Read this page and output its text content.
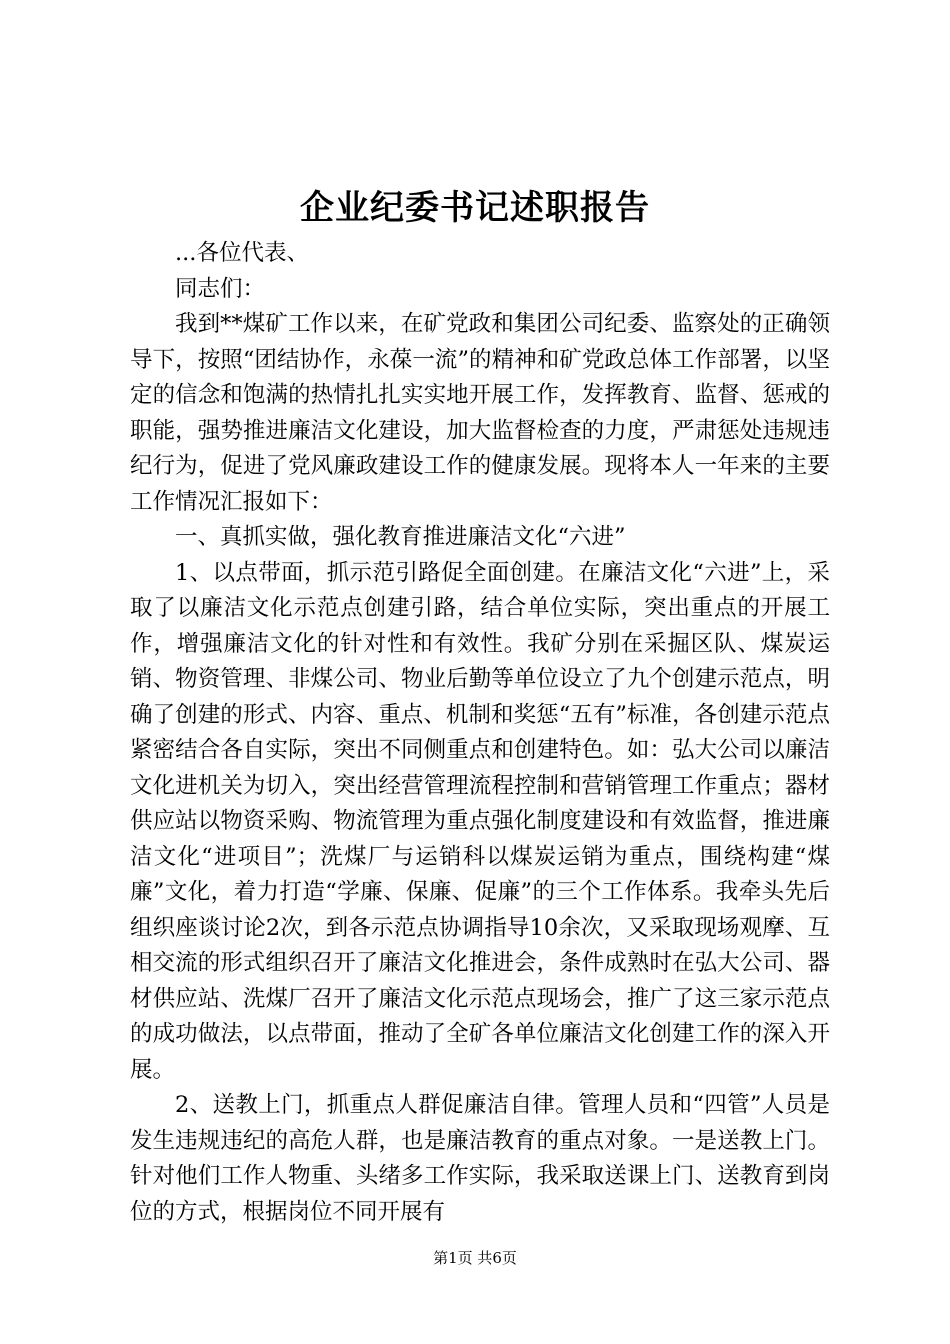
企业纪委书记述职报告

...各位代表、

同志们：

我到**煤矿工作以来，在矿党政和集团公司纪委、监察处的正确领导下，按照“团结协作，永葆一流”的精神和矿党政总体工作部署，以坚定的信念和饱满的热情扎扎实实地开展工作，发挥教育、监督、惩戒的职能，强势推进廉洁文化建设，加大监督检查的力度，严肃惩处违规违纪行为，促进了党风廉政建设工作的健康发展。现将本人一年来的主要工作情况汇报如下：

一、真抓实做，强化教育推进廉洁文化“六进”

1、以点带面，抓示范引路促全面创建。在廉洁文化“六进”上，采取了以廉洁文化示范点创建引路，结合单位实际，突出重点的开展工作，增强廉洁文化的针对性和有效性。我矿分别在采掘区队、煤炭运销、物资管理、非煤公司、物业后勤等单位设立了九个创建示范点，明确了创建的形式、内容、重点、机制和奖惩“五有”标准，各创建示范点紧密结合各自实际，突出不同侧重点和创建特色。如：弘大公司以廉洁文化进机关为切入，突出经营管理流程控制和营销管理工作重点；器材供应站以物资采购、物流管理为重点强化制度建设和有效监督，推进廉洁文化“进项目”；洗煤厂与运销科以煤炭运销为重点，围绕构建“煤廉”文化，着力打造“学廉、保廉、促廉”的三个工作体系。我牵头先后组织座谈讨论2次，到各示范点协调指导10余次，又采取现场观摩、互相交流的形式组织召开了廉洁文化推进会，条件成熟时在弘大公司、器材供应站、洗煤厂召开了廉洁文化示范点现场会，推广了这三家示范点的成功做法，以点带面，推动了全矿各单位廉洁文化创建工作的深入开展。

2、送教上门，抓重点人群促廉洁自律。管理人员和“四管”人员是发生违规违纪的高危人群，也是廉洁教育的重点对象。一是送教上门。针对他们工作人物重、头绪多工作实际，我采取送课上门、送教育到岗位的方式，根据岗位不同开展有

第1页 共6页
